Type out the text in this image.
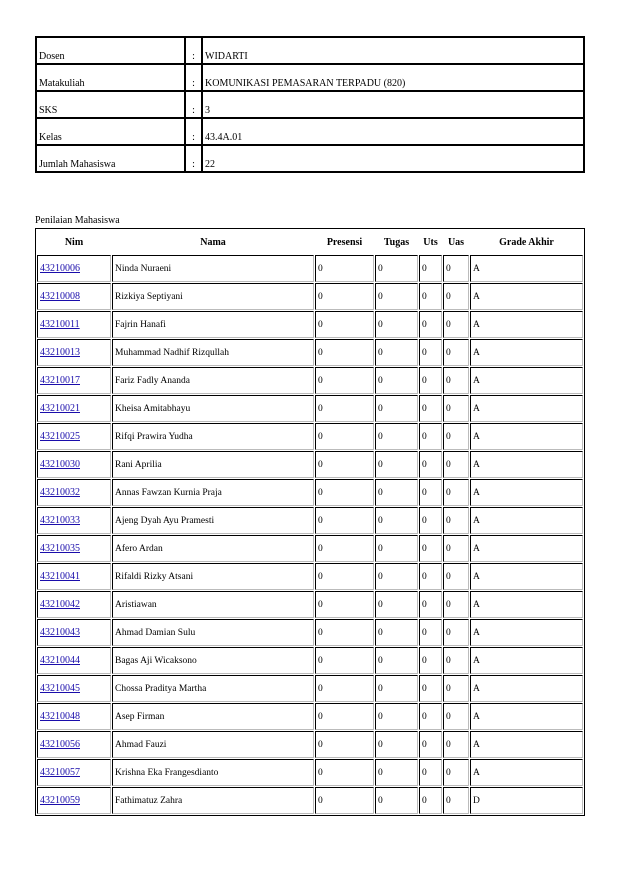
Dosen	:	WIDARTI
Matakuliah	:	KOMUNIKASI PEMASARAN TERPADU (820)
SKS	:	3
Kelas	:	43.4A.01
Jumlah Mahasiswa	:	22
Penilaian Mahasiswa
Nim	Nama	Presensi	Tugas	Uts	Uas	Grade Akhir
43210006	Ninda Nuraeni	0	0	0	0	A
43210008	Rizkiya Septiyani	0	0	0	0	A
43210011	Fajrin Hanafi	0	0	0	0	A
43210013	Muhammad Nadhif Rizqullah	0	0	0	0	A
43210017	Fariz Fadly Ananda	0	0	0	0	A
43210021	Kheisa Amitabhayu	0	0	0	0	A
43210025	Rifqi Prawira Yudha	0	0	0	0	A
43210030	Rani Aprilia	0	0	0	0	A
43210032	Annas Fawzan Kurnia Praja	0	0	0	0	A
43210033	Ajeng Dyah Ayu Pramesti	0	0	0	0	A
43210035	Afero Ardan	0	0	0	0	A
43210041	Rifaldi Rizky Atsani	0	0	0	0	A
43210042	Aristiawan	0	0	0	0	A
43210043	Ahmad Damian Sulu	0	0	0	0	A
43210044	Bagas Aji Wicaksono	0	0	0	0	A
43210045	Chossa Praditya Martha	0	0	0	0	A
43210048	Asep Firman	0	0	0	0	A
43210056	Ahmad Fauzi	0	0	0	0	A
43210057	Krishna Eka Frangesdianto	0	0	0	0	A
43210059	Fathimatuz Zahra	0	0	0	0	D
